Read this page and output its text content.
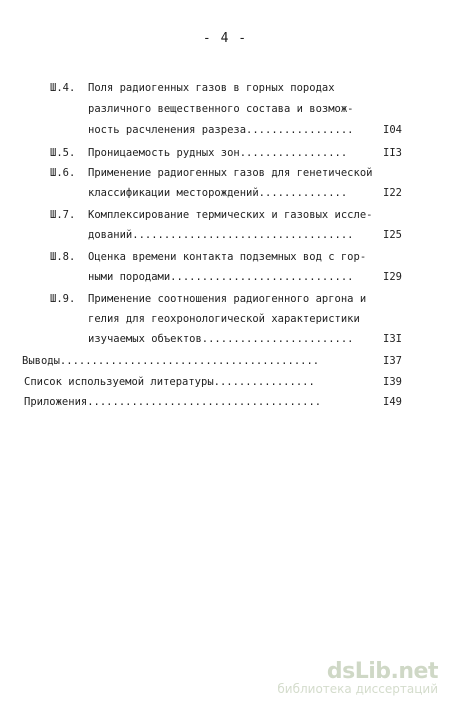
- 4 -
Ш.4. Поля радиогенных газов в горных породах
различного вещественного состава и возмож-
ность расчленения разреза.................	I04
Ш.5. Проницаемость рудных зон.................	II3
Ш.6. Применение радиогенных газов для генетической
классификации месторождений..............	I22
Ш.7. Комплексирование термических и газовых иссле-
дований...................................	I25
Ш.8. Оценка времени контакта подземных вод с гор-
ными породами.............................	I29
Ш.9. Применение соотношения радиогенного аргона и
гелия для геохронологической характеристики
изучаемых объектов........................	I3I
Выводы.........................................	I37
Список используемой литературы................	I39
Приложения.....................................	I49
dsLib.net
библиотека диссертаций
